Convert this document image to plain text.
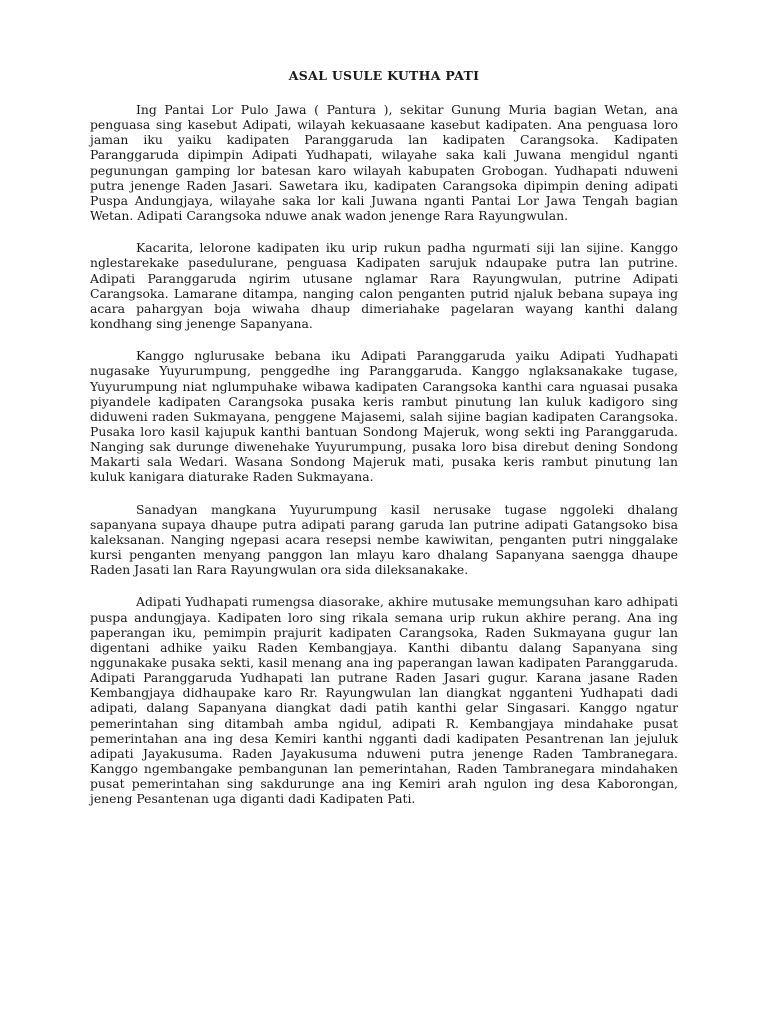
ASAL USULE KUTHA PATI

Ing Pantai Lor Pulo Jawa ( Pantura ), sekitar Gunung Muria bagian Wetan, ana penguasa sing kasebut Adipati, wilayah kekuasaane kasebut kadipaten. Ana penguasa loro jaman iku yaiku kadipaten Paranggaruda lan kadipaten Carangsoka. Kadipaten Paranggaruda dipimpin Adipati Yudhapati, wilayahe saka kali Juwana mengidul nganti pegunungan gamping lor batesan karo wilayah kabupaten Grobogan. Yudhapati nduweni putra jenenge Raden Jasari. Sawetara iku, kadipaten Carangsoka dipimpin dening adipati Puspa Andungjaya, wilayahe saka lor kali Juwana nganti Pantai Lor Jawa Tengah bagian Wetan. Adipati Carangsoka nduwe anak wadon jenenge Rara Rayungwulan.

Kacarita, lelorone kadipaten iku urip rukun padha ngurmati siji lan sijine. Kanggo nglestarekake pasedulurane, penguasa Kadipaten sarujuk ndaupake putra lan putrine. Adipati Paranggaruda ngirim utusane nglamar Rara Rayungwulan, putrine Adipati Carangsoka. Lamarane ditampa, nanging calon penganten putrid njaluk bebana supaya ing acara pahargyan boja wiwaha dhaup dimeriahake pagelaran wayang kanthi dalang kondhang sing jenenge Sapanyana.

Kanggo nglurusake bebana iku Adipati Paranggaruda yaiku Adipati Yudhapati nugasake Yuyurumpung, penggedhe ing Paranggaruda. Kanggo nglaksanakake tugase, Yuyurumpung niat nglumpuhake wibawa kadipaten Carangsoka kanthi cara nguasai pusaka piyandele kadipaten Carangsoka pusaka keris rambut pinutung lan kuluk kadigoro sing diduweni raden Sukmayana, penggene Majasemi, salah sijine bagian kadipaten Carangsoka. Pusaka loro kasil kajupuk kanthi bantuan Sondong Majeruk, wong sekti ing Paranggaruda. Nanging sak durunge diwenehake Yuyurumpung, pusaka loro bisa direbut dening Sondong Makarti sala Wedari. Wasana Sondong Majeruk mati, pusaka keris rambut pinutung lan kuluk kanigara diaturake Raden Sukmayana.

Sanadyan mangkana Yuyurumpung kasil nerusake tugase nggoleki dhalang sapanyana supaya dhaupe putra adipati parang garuda lan putrine adipati Gatangsoko bisa kaleksanan. Nanging ngepasi acara resepsi nembe kawiwitan, penganten putri ninggalake kursi penganten menyang panggon lan mlayu karo dhalang Sapanyana saengga dhaupe Raden Jasati lan Rara Rayungwulan ora sida dileksanakake.

Adipati Yudhapati rumengsa diasorake, akhire mutusake memungsuhan karo adhipati puspa andungjaya. Kadipaten loro sing rikala semana urip rukun akhire perang. Ana ing paperangan iku, pemimpin prajurit kadipaten Carangsoka, Raden Sukmayana gugur lan digentani adhike yaiku Raden Kembangjaya. Kanthi dibantu dalang Sapanyana sing nggunakake pusaka sekti, kasil menang ana ing paperangan lawan kadipaten Paranggaruda. Adipati Paranggaruda Yudhapati lan putrane Raden Jasari gugur. Karana jasane Raden Kembangjaya didhaupake karo Rr. Rayungwulan lan diangkat ngganteni Yudhapati dadi adipati, dalang Sapanyana diangkat dadi patih kanthi gelar Singasari. Kanggo ngatur pemerintahan sing ditambah amba ngidul, adipati R. Kembangjaya mindahake pusat pemerintahan ana ing desa Kemiri kanthi ngganti dadi kadipaten Pesantrenan lan jejuluk adipati Jayakusuma. Raden Jayakusuma nduweni putra jenenge Raden Tambranegara. Kanggo ngembangake pembangunan lan pemerintahan, Raden Tambranegara mindahaken pusat pemerintahan sing sakdurunge ana ing Kemiri arah ngulon ing desa Kaborongan, jeneng Pesantenan uga diganti dadi Kadipaten Pati.
